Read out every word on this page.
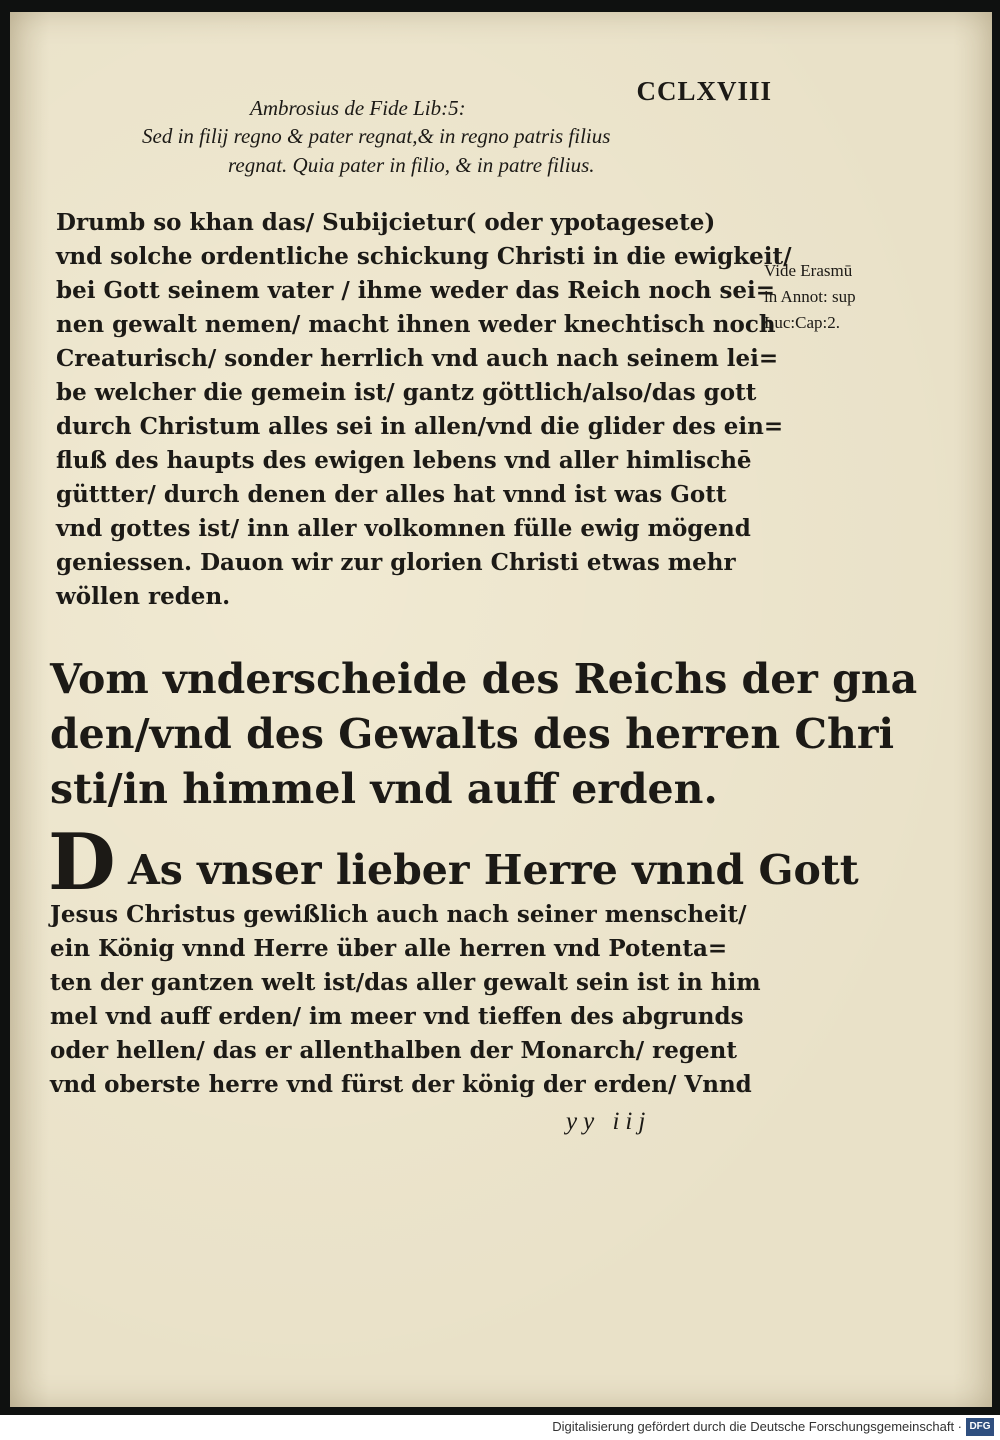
CCLXVIII
Ambrosius de Fide Lib:5:
Sed in filij regno & pater regnat,& in regno patris filius
regnat. Quia pater in filio, & in patre filius.
Drumb so khan das/ Subijcietur( oder ypotagesete)
vnd solche ordentliche schickung Christi in die ewigkeit/
bei Gott seinem vater / ihme weder das Reich noch sei=
nen gewalt nemen/ macht ihnen weder knechtisch noch
Creaturisch/ sonder herrlich vnd auch nach seinem lei=
be welcher die gemein ist/ gantz göttlich/also/das gott
durch Christum alles sei in allen/vnd die glider des ein=
fluß des haupts des ewigen lebens vnd aller himlischē
güttter/ durch denen der alles hat vnnd ist was Gott
vnd gottes ist/ inn aller volkomnen fülle ewig mögend
geniessen. Dauon wir zur glorien Christi etwas mehr
wöllen reden.
Vide Erasmū
in Annot: sup
Luc:Cap:2.
Vom vnderscheide des Reichs der gna
den/vnd des Gewalts des herren Chri
sti/in himmel vnd auff erden.
D As vnser lieber Herre vnnd Gott
Jesus Christus gewißlich auch nach seiner menscheit/
ein König vnnd Herre über alle herren vnd Potenta=
ten der gantzen welt ist/das aller gewalt sein ist in him
mel vnd auff erden/ im meer vnd tieffen des abgrunds
oder hellen/ das er allenthalben der Monarch/ regent
vnd oberste herre vnd fürst der könig der erden/ Vnnd
yy iij
Digitalisierung gefördert durch die Deutsche Forschungsgemeinschaft · DFG
